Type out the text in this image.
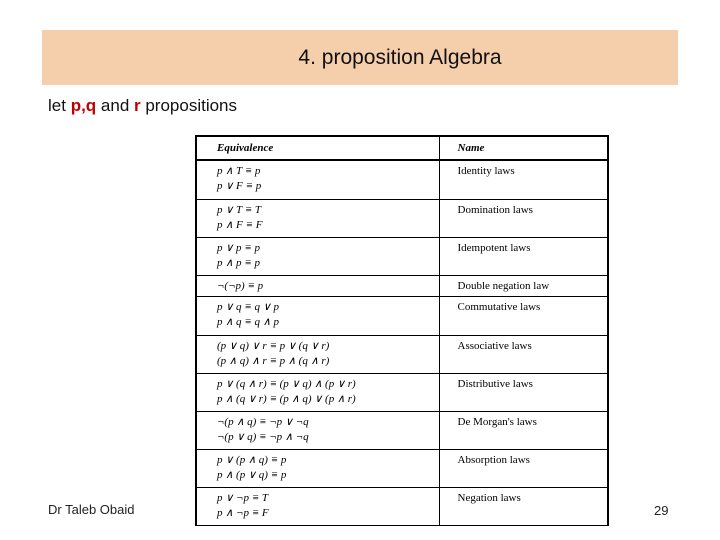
4. proposition Algebra
let p,q and r propositions
Equivalence	Name

p ∧ T ≡ p
p ∨ F ≡ p	Identity laws

p ∨ T ≡ T
p ∧ F ≡ F	Domination laws

p ∨ p ≡ p
p ∧ p ≡ p	Idempotent laws

¬(¬p) ≡ p	Double negation law

p ∨ q ≡ q ∨ p
p ∧ q ≡ q ∧ p	Commutative laws

(p ∨ q) ∨ r ≡ p ∨ (q ∨ r)
(p ∧ q) ∧ r ≡ p ∧ (q ∧ r)	Associative laws

p ∨ (q ∧ r) ≡ (p ∨ q) ∧ (p ∨ r)
p ∧ (q ∨ r) ≡ (p ∧ q) ∨ (p ∧ r)	Distributive laws

¬(p ∧ q) ≡ ¬p ∨ ¬q
¬(p ∨ q) ≡ ¬p ∧ ¬q	De Morgan's laws

p ∨ (p ∧ q) ≡ p
p ∧ (p ∨ q) ≡ p	Absorption laws

p ∨ ¬p ≡ T
p ∧ ¬p ≡ F	Negation laws
Dr Taleb Obaid	29
